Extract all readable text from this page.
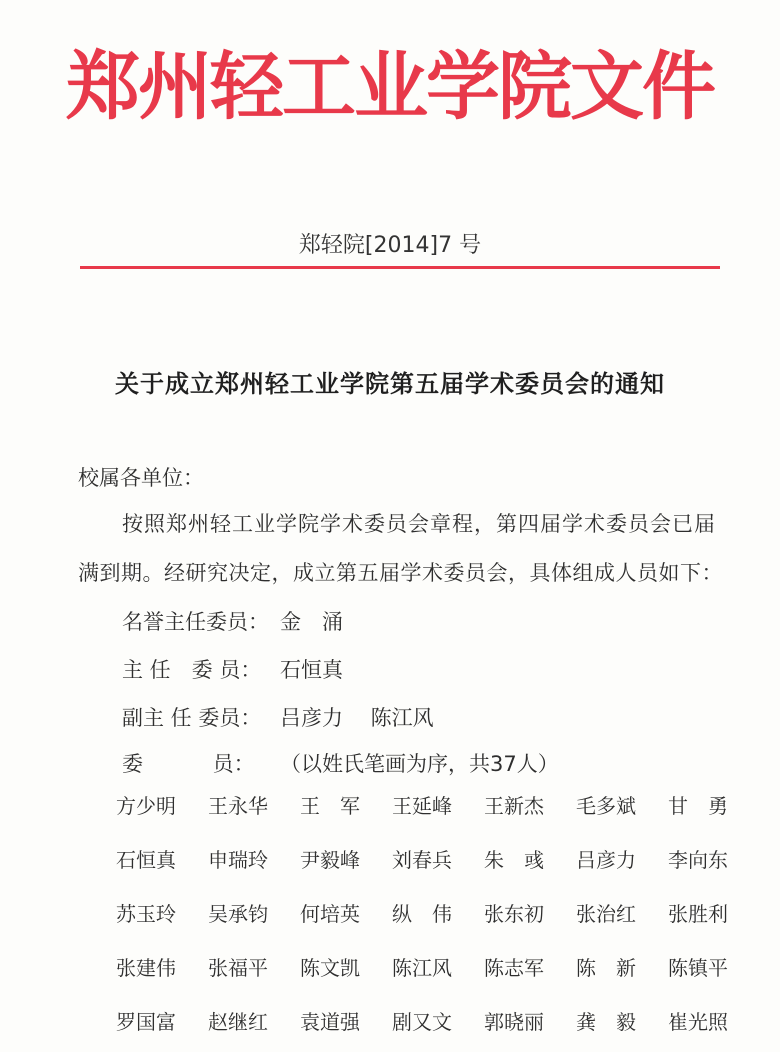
郑州轻工业学院文件
郑轻院[2014]7 号
关于成立郑州轻工业学院第五届学术委员会的通知
校属各单位：
按照郑州轻工业学院学术委员会章程，第四届学术委员会已届
满到期。经研究决定，成立第五届学术委员会，具体组成人员如下：
名誉主任委员： 金　涌
主 任　委 员： 石恒真
副主 任 委员： 吕彦力　 陈江风
委　　　 员： （以姓氏笔画为序，共37人）
方少明	王永华	王　军	王延峰	王新杰	毛多斌	甘　勇
石恒真	申瑞玲	尹毅峰	刘春兵	朱　彧	吕彦力	李向东
苏玉玲	吴承钧	何培英	纵　伟	张东初	张治红	张胜利
张建伟	张福平	陈文凯	陈江风	陈志军	陈　新	陈镇平
罗国富	赵继红	袁道强	剧又文	郭晓丽	龚　毅	崔光照
